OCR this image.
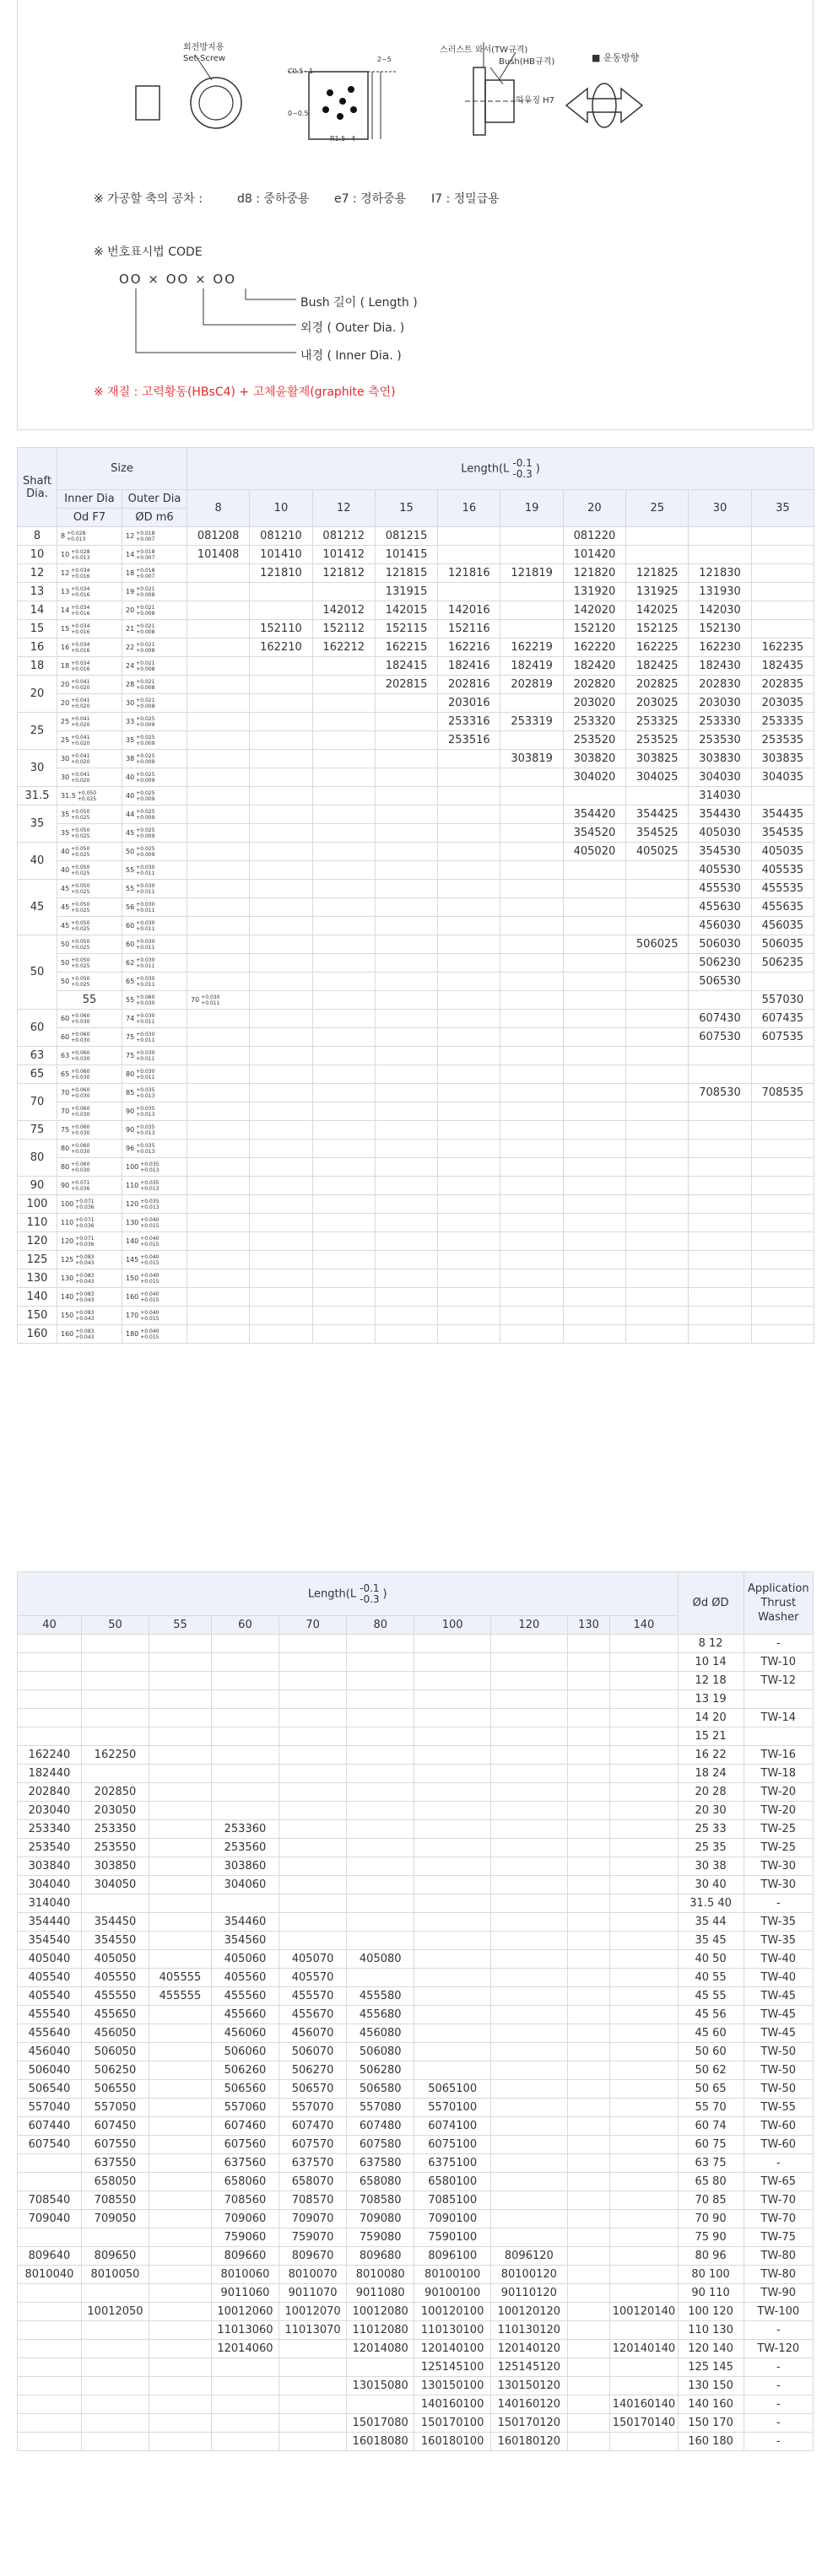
회전방지용
Set-Screw
스러스트 와셔(TW규격)
Bush(HB규격)
하우징 H7
■ 운동방향
C0.5~1
2~5
R1.5~4
0~0.5
※ 가공할 축의 공차 :	d8 : 중하중용 e7 : 경하중용 I7 : 정밀급용
※ 번호표시법 CODE
OO × OO × OO
Bush 길이 ( Length )
외경 ( Outer Dia. )
내경 ( Inner Dia. )
※ 재질 : 고력황동(HBsC4) + 고체윤활제(graphite 측연)
Shaft Dia.	Size		Length(L -0.1
-0.3 )										
	Inner Dia	Outer Dia	8	10	12	15	16	19	20	25	30	35	
	Od F7	ØD m6											
8	8 +0.028
+0.013	12 +0.018
+0.007	081208	081210	081212	081215			081220				
10	10 +0.028
+0.013	14 +0.018
+0.007	101408	101410	101412	101415			101420				
12	12 +0.034
+0.016	18 +0.018
+0.007		121810	121812	121815	121816	121819	121820	121825	121830		
13	13 +0.034
+0.016	19 +0.021
+0.008				131915			131920	131925	131930		
14	14 +0.034
+0.016	20 +0.021
+0.008			142012	142015	142016		142020	142025	142030		
15	15 +0.034
+0.016	21 +0.021
+0.008		152110	152112	152115	152116		152120	152125	152130		
16	16 +0.034
+0.016	22 +0.021
+0.008		162210	162212	162215	162216	162219	162220	162225	162230	162235	
18	18 +0.034
+0.016	24 +0.021
+0.008				182415	182416	182419	182420	182425	182430	182435	
20	20 +0.041
+0.020	28 +0.021
+0.008				202815	202816	202819	202820	202825	202830	202835	
	20 +0.041
+0.020	30 +0.021
+0.008					203016		203020	203025	203030	203035	
25	25 +0.041
+0.020	33 +0.025
+0.009					253316	253319	253320	253325	253330	253335	
	25 +0.041
+0.020	35 +0.025
+0.009					253516		253520	253525	253530	253535	
30	30 +0.041
+0.020	38 +0.025
+0.009						303819	303820	303825	303830	303835	
	30 +0.041
+0.020	40 +0.025
+0.009							304020	304025	304030	304035	
31.5	31.5 +0.050
+0.025	40 +0.025
+0.009									314030		
35	35 +0.050
+0.025	44 +0.025
+0.009							354420	354425	354430	354435	
	35 +0.050
+0.025	45 +0.025
+0.009							354520	354525	405030	354535	
40	40 +0.050
+0.025	50 +0.025
+0.009							405020	405025	354530	405035	
	40 +0.050
+0.025	55 +0.030
+0.011									405530	405535	
45	45 +0.050
+0.025	55 +0.030
+0.011									455530	455535	
	45 +0.050
+0.025	56 +0.030
+0.011									455630	455635	
	45 +0.050
+0.025	60 +0.030
+0.011									456030	456035	
50	50 +0.050
+0.025	60 +0.030
+0.011								506025	506030	506035	
	50 +0.050
+0.025	62 +0.030
+0.011									506230	506235	
	50 +0.050
+0.025	65 +0.030
+0.011									506530		
	55	55 +0.060
+0.030	70 +0.030
+0.011									557030	
60	60 +0.060
+0.030	74 +0.030
+0.011									607430	607435	
	60 +0.060
+0.030	75 +0.030
+0.011									607530	607535	
63	63 +0.060
+0.030	75 +0.030
+0.011											
65	65 +0.060
+0.030	80 +0.030
+0.011											
70	70 +0.060
+0.030	85 +0.035
+0.013									708530	708535	
	70 +0.060
+0.030	90 +0.035
+0.013											
75	75 +0.060
+0.030	90 +0.035
+0.013											
80	80 +0.060
+0.030	96 +0.035
+0.013											
	80 +0.060
+0.030	100 +0.035
+0.013											
90	90 +0.071
+0.036	110 +0.035
+0.013											
100	100 +0.071
+0.036	120 +0.035
+0.013											
110	110 +0.071
+0.036	130 +0.040
+0.015											
120	120 +0.071
+0.036	140 +0.040
+0.015											
125	125 +0.083
+0.043	145 +0.040
+0.015											
130	130 +0.083
+0.043	150 +0.040
+0.015											
140	140 +0.083
+0.043	160 +0.040
+0.015											
150	150 +0.083
+0.043	170 +0.040
+0.015											
160	160 +0.083
+0.043	180 +0.040
+0.015											
Length(L -0.1
-0.3 )										Ød ØD	Application Thrust Washer
40	50	55	60	70	80	100	120	130	140		
										8 12	-
										10 14	TW-10
										12 18	TW-12
										13 19	
										14 20	TW-14
										15 21	
162240	162250									16 22	TW-16
182440										18 24	TW-18
202840	202850									20 28	TW-20
203040	203050									20 30	TW-20
253340	253350		253360							25 33	TW-25
253540	253550		253560							25 35	TW-25
303840	303850		303860							30 38	TW-30
304040	304050		304060							30 40	TW-30
314040										31.5 40	-
354440	354450		354460							35 44	TW-35
354540	354550		354560							35 45	TW-35
405040	405050		405060	405070	405080					40 50	TW-40
405540	405550	405555	405560	405570						40 55	TW-40
405540	455550	455555	455560	455570	455580					45 55	TW-45
455540	455650		455660	455670	455680					45 56	TW-45
455640	456050		456060	456070	456080					45 60	TW-45
456040	506050		506060	506070	506080					50 60	TW-50
506040	506250		506260	506270	506280					50 62	TW-50
506540	506550		506560	506570	506580	5065100				50 65	TW-50
557040	557050		557060	557070	557080	5570100				55 70	TW-55
607440	607450		607460	607470	607480	6074100				60 74	TW-60
607540	607550		607560	607570	607580	6075100				60 75	TW-60
	637550		637560	637570	637580	6375100				63 75	-
	658050		658060	658070	658080	6580100				65 80	TW-65
708540	708550		708560	708570	708580	7085100				70 85	TW-70
709040	709050		709060	709070	709080	7090100				70 90	TW-70
			759060	759070	759080	7590100				75 90	TW-75
809640	809650		809660	809670	809680	8096100	8096120			80 96	TW-80
8010040	8010050		8010060	8010070	8010080	80100100	80100120			80 100	TW-80
			9011060	9011070	9011080	90100100	90110120			90 110	TW-90
	10012050		10012060	10012070	10012080	100120100	100120120		100120140	100 120	TW-100
			11013060	11013070	11012080	110130100	110130120			110 130	-
			12014060		12014080	120140100	120140120		120140140	120 140	TW-120
						125145100	125145120			125 145	-
					13015080	130150100	130150120			130 150	-
						140160100	140160120		140160140	140 160	-
					15017080	150170100	150170120		150170140	150 170	-
					16018080	160180100	160180120			160 180	-
